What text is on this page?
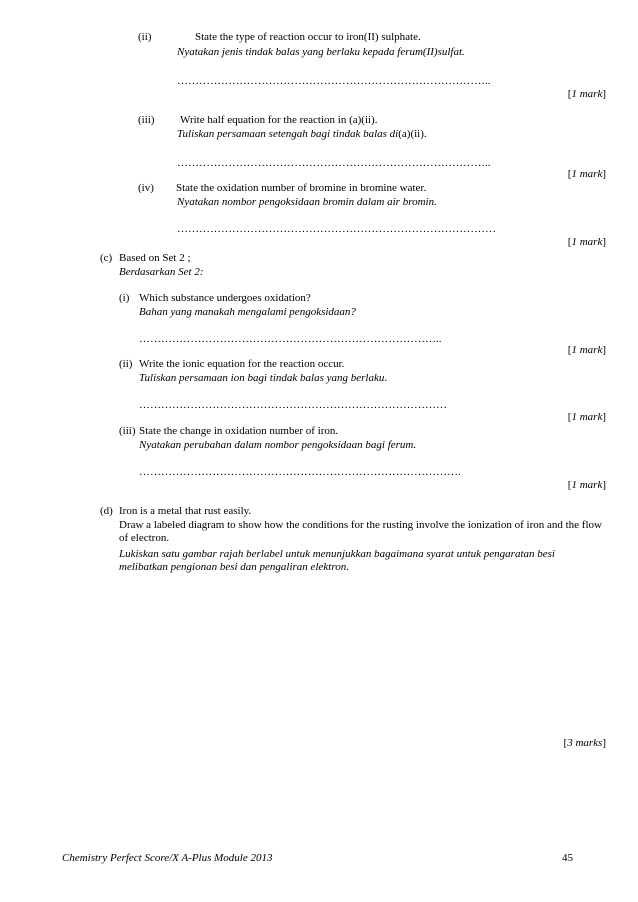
(ii)	State the type of reaction occur to iron(II) sulphate.
Nyatakan jenis tindak balas yang berlaku kepada ferum(II)sulfat.
…………………………………………………………………………..
[1 mark]
(iii) Write half equation for the reaction in (a)(ii).
Tuliskan persamaan setengah bagi tindak balas di(a)(ii).
…………………………………………………………………………..
[1 mark]
(iv) State the oxidation number of bromine in bromine water.
Nyatakan nombor pengoksidaan bromin dalam air bromin.
……………………………………………………………………………
[1 mark]
(c) Based on Set 2 ;
Berdasarkan Set 2:
(i) Which substance undergoes oxidation?
Bahan yang manakah mengalami pengoksidaan?
………………………………………………………………………..
[1 mark]
(ii) Write the ionic equation for the reaction occur.
Tuliskan persamaan ion bagi tindak balas yang berlaku.
…………………………………………………………………………
[1 mark]
(iii) State the change in oxidation number of iron.
Nyatakan perubahan dalam nombor pengoksidaan bagi ferum.
…………………………………………………………………………….
[1 mark]
(d) Iron is a metal that rust easily.
Draw a labeled diagram to show how the conditions for the rusting involve the ionization of iron and the flow of electron.
Lukiskan satu gambar rajah berlabel untuk menunjukkan bagaimana syarat untuk pengaratan besi melibatkan pengionan besi dan pengaliran elektron.
[3 marks]
Chemistry Perfect Score/X A-Plus Module 2013	45
